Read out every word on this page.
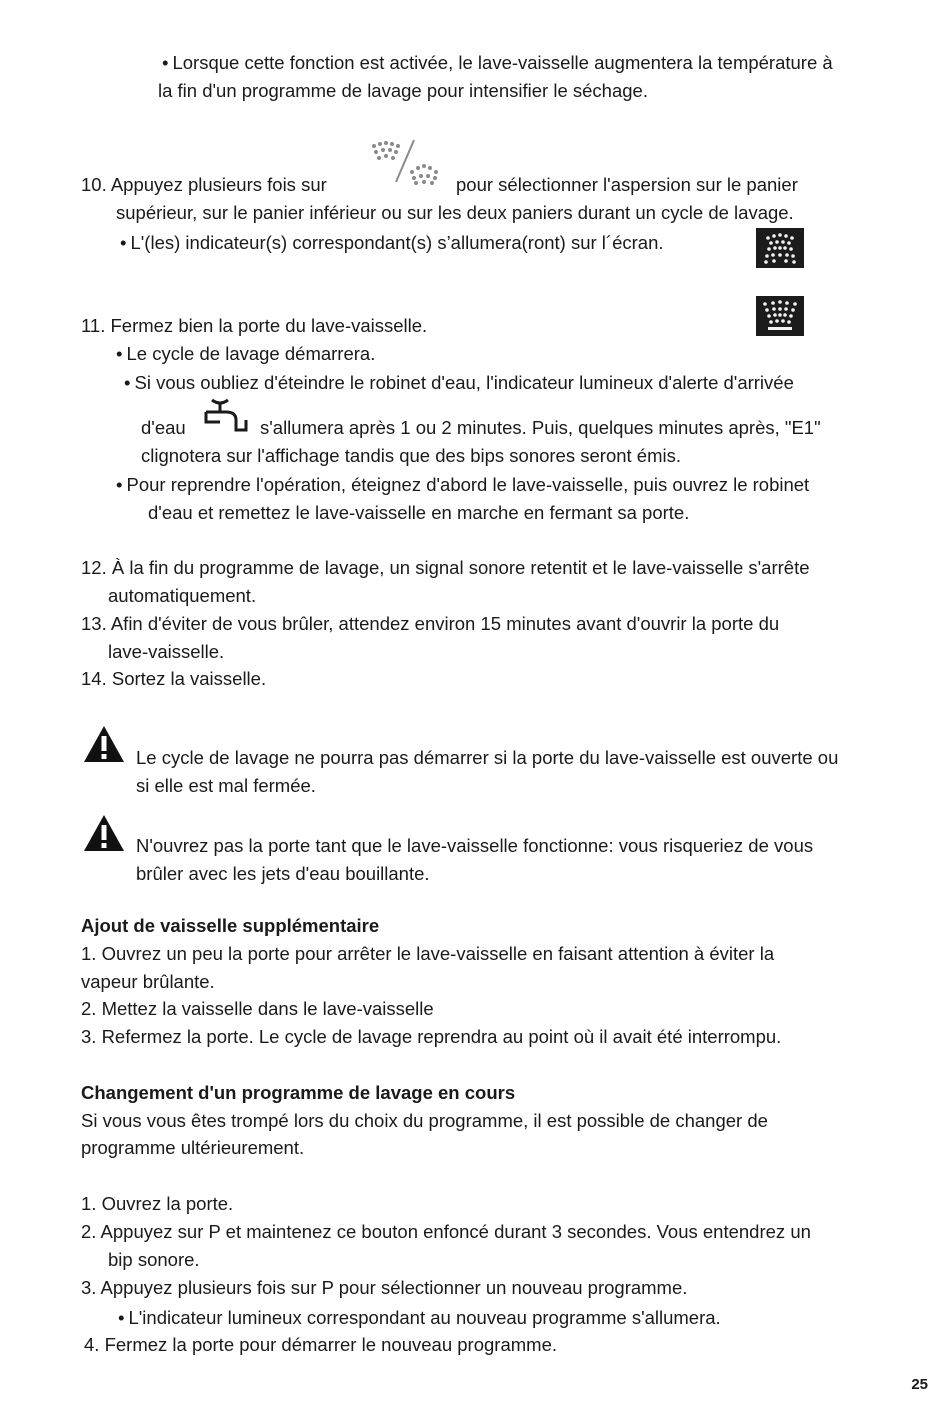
• Lorsque cette fonction est activée, le lave-vaisselle augmentera la température à
la fin d'un programme de lavage pour intensifier le séchage.
10. Appuyez plusieurs fois sur	pour sélectionner l'aspersion sur le panier
supérieur, sur le panier inférieur ou sur les deux paniers durant un cycle de lavage.
• L'(les) indicateur(s) correspondant(s) s’allumera(ront) sur l´écran.
11. Fermez bien la porte du lave-vaisselle.
• Le cycle de lavage démarrera.
• Si vous oubliez d'éteindre le robinet d'eau, l'indicateur lumineux d'alerte d'arrivée
d'eau	s'allumera après 1 ou 2 minutes. Puis, quelques minutes après, "E1"
clignotera sur l'affichage tandis que des bips sonores seront émis.
• Pour reprendre l'opération, éteignez d'abord le lave-vaisselle, puis ouvrez le robinet
d'eau et remettez le lave-vaisselle en marche en fermant sa porte.
12. À la fin du programme de lavage, un signal sonore retentit et le lave-vaisselle s'arrête
automatiquement.
13. Afin d'éviter de vous brûler, attendez environ 15 minutes avant d'ouvrir la porte du
lave-vaisselle.
14. Sortez la vaisselle.
Le cycle de lavage ne pourra pas démarrer si la porte du lave-vaisselle est ouverte ou
si elle est mal fermée.
N'ouvrez pas la porte tant que le lave-vaisselle fonctionne: vous risqueriez de vous
brûler avec les jets d'eau bouillante.
Ajout de vaisselle supplémentaire
1. Ouvrez un peu la porte pour arrêter le lave-vaisselle en faisant attention à éviter la
vapeur brûlante.
2. Mettez la vaisselle dans le lave-vaisselle
3. Refermez la porte. Le cycle de lavage reprendra au point où il avait été interrompu.
Changement d'un programme de lavage en cours
Si vous vous êtes trompé lors du choix du programme, il est possible de changer de
programme ultérieurement.
1. Ouvrez la porte.
2. Appuyez sur P et maintenez ce bouton enfoncé durant 3 secondes. Vous entendrez un
bip sonore.
3. Appuyez plusieurs fois sur P pour sélectionner un nouveau programme.
• L'indicateur lumineux correspondant au nouveau programme s'allumera.
4. Fermez la porte pour démarrer le nouveau programme.
25
